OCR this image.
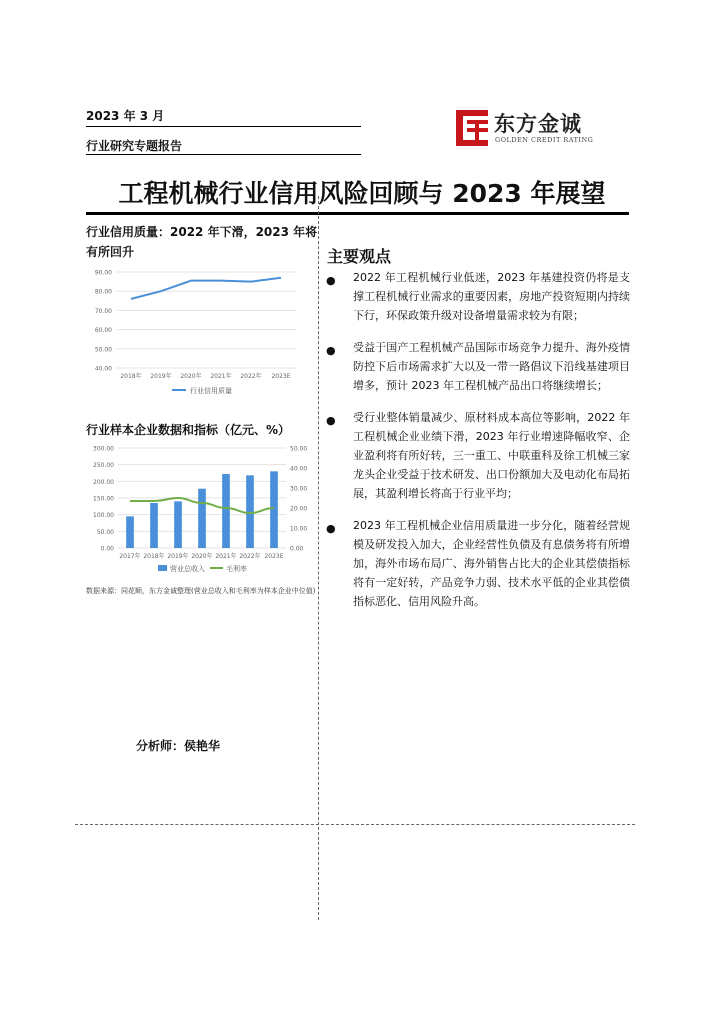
2023 年 3 月
行业研究专题报告
东方金诚
GOLDEN CREDIT RATING
工程机械行业信用风险回顾与 2023 年展望
行业信用质量：2022 年下滑，2023 年将有所回升
90.00
80.00
70.00
60.00
50.00
40.00
2018年 2019年 2020年 2021年 2022年 2023E
行业信用质量
行业样本企业数据和指标（亿元、%）
300.00
250.00
200.00
150.00
100.00
50.00
0.00
50.00
40.00
30.00
20.00
10.00
0.00
2017年 2018年 2019年 2020年 2021年 2022年 2023E
营业总收入	毛利率
数据来源：同花顺，东方金诚整理(营业总收入和毛利率为样本企业中位值)
分析师：侯艳华
主要观点
● 2022 年工程机械行业低迷，2023 年基建投资仍将是支撑工程机械行业需求的重要因素，房地产投资短期内持续下行，环保政策升级对设备增量需求较为有限；
● 受益于国产工程机械产品国际市场竞争力提升、海外疫情防控下后市场需求扩大以及一带一路倡议下沿线基建项目增多，预计 2023 年工程机械产品出口将继续增长；
● 受行业整体销量减少、原材料成本高位等影响，2022 年工程机械企业业绩下滑，2023 年行业增速降幅收窄、企业盈利将有所好转，三一重工、中联重科及徐工机械三家龙头企业受益于技术研发、出口份额加大及电动化布局拓展，其盈利增长将高于行业平均；
● 2023 年工程机械企业信用质量进一步分化，随着经营规模及研发投入加大，企业经营性负债及有息债务将有所增加，海外市场布局广、海外销售占比大的企业其偿债指标将有一定好转，产品竞争力弱、技术水平低的企业其偿债指标恶化、信用风险升高。
